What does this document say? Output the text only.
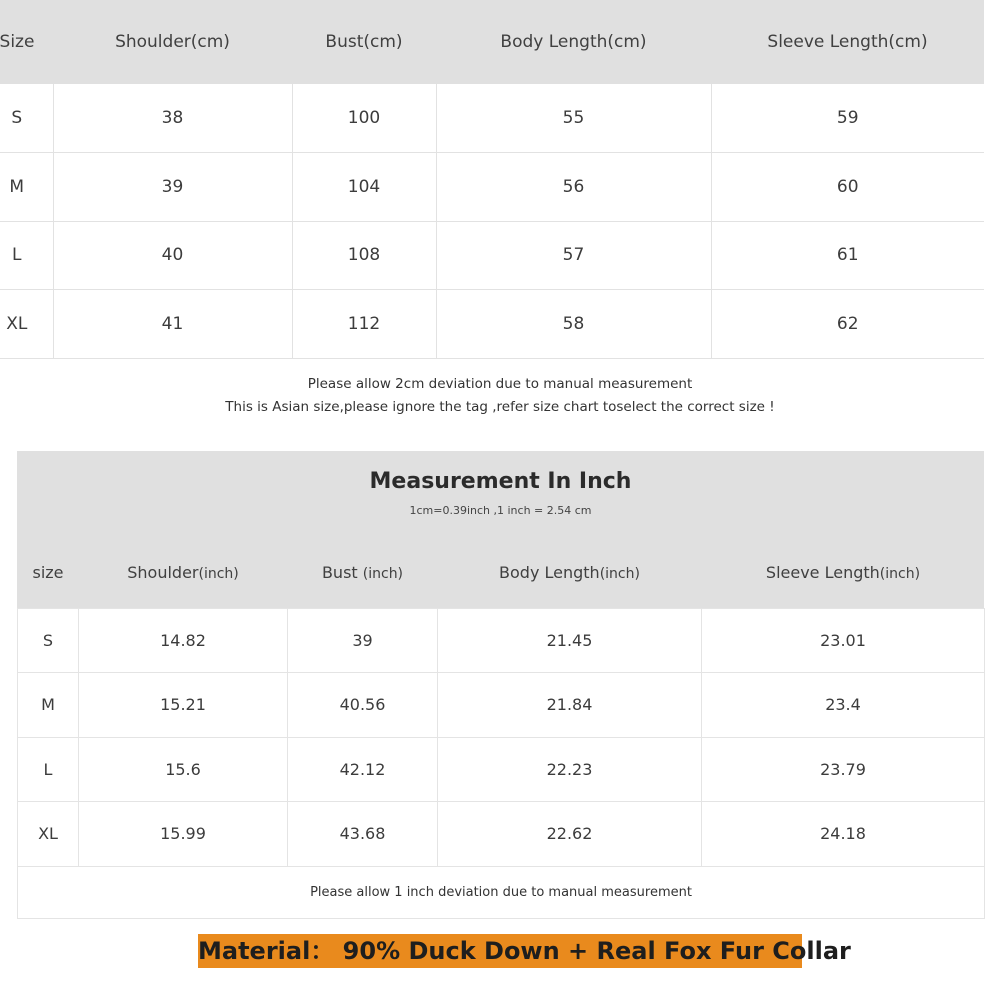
Size	Shoulder(cm)	Bust(cm)	Body Length(cm)	Sleeve Length(cm)
S	38	100	55	59
M	39	104	56	60
L	40	108	57	61
XL	41	112	58	62
Please allow 2cm deviation due to manual measurement
This is Asian size,please ignore the tag ,refer size chart toselect the correct size !
Measurement In Inch
1cm=0.39inch ,1 inch = 2.54 cm
size	Shoulder(inch)	Bust (inch)	Body Length(inch)	Sleeve Length(inch)
S	14.82	39	21.45	23.01
M	15.21	40.56	21.84	23.4
L	15.6	42.12	22.23	23.79
XL	15.99	43.68	22.62	24.18
Please allow 1 inch deviation due to manual measurement				
Material： 90% Duck Down + Real Fox Fur Collar
